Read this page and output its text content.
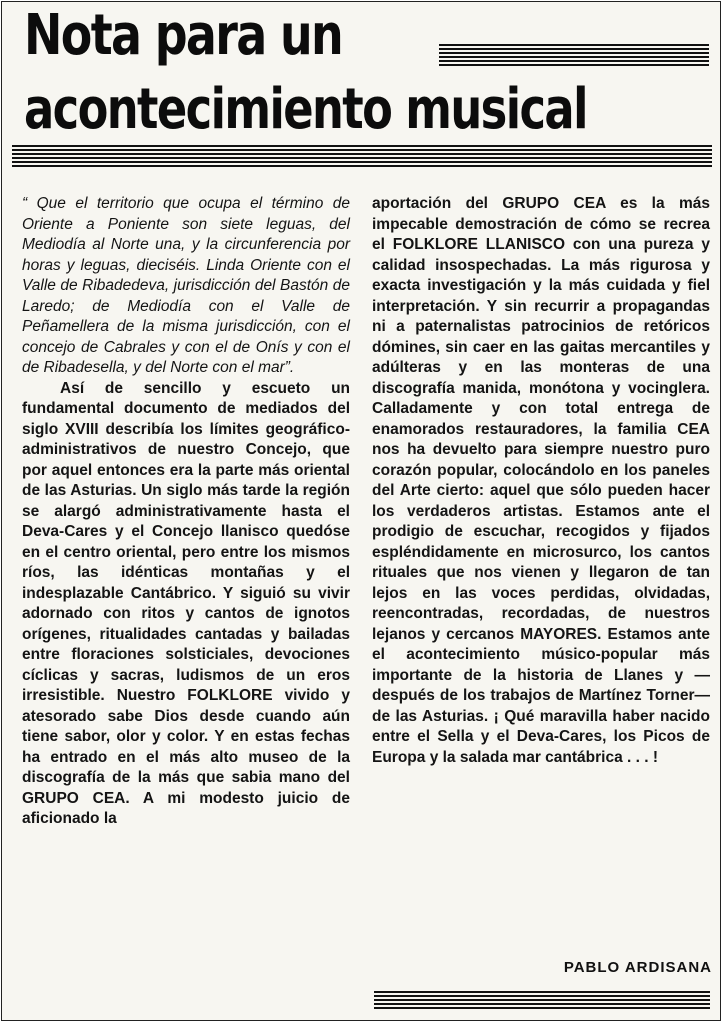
Nota para un
acontecimiento musical

“ Que el territorio que ocupa el término de Oriente a Poniente son siete leguas, del Mediodía al Norte una, y la circunferencia por horas y leguas, dieciséis. Linda Oriente con el Valle de Ribadedeva, jurisdicción del Bastón de Laredo; de Mediodía con el Valle de Peñamellera de la misma jurisdicción, con el concejo de Cabrales y con el de Onís y con el de Ribadesella, y del Norte con el mar”.

Así de sencillo y escueto un fundamental documento de mediados del siglo XVIII describía los límites geográfico-administrativos de nuestro Concejo, que por aquel entonces era la parte más oriental de las Asturias. Un siglo más tarde la región se alargó administrativamente hasta el Deva-Cares y el Concejo llanisco quedóse en el centro oriental, pero entre los mismos ríos, las idénticas montañas y el indesplazable Cantábrico. Y siguió su vivir adornado con ritos y cantos de ignotos orígenes, ritualidades cantadas y bailadas entre floraciones solsticiales, devociones cíclicas y sacras, ludismos de un eros irresistible. Nuestro FOLKLORE vivido y atesorado sabe Dios desde cuando aún tiene sabor, olor y color. Y en estas fechas ha entrado en el más alto museo de la discografía de la más que sabia mano del GRUPO CEA. A mi modesto juicio de aficionado la

aportación del GRUPO CEA es la más impecable demostración de cómo se recrea el FOLKLORE LLANISCO con una pureza y calidad insospechadas. La más rigurosa y exacta investigación y la más cuidada y fiel interpretación. Y sin recurrir a propagandas ni a paternalistas patrocinios de retóricos dómines, sin caer en las gaitas mercantiles y adúlteras y en las monteras de una discografía manida, monótona y vocinglera. Calladamente y con total entrega de enamorados restauradores, la familia CEA nos ha devuelto para siempre nuestro puro corazón popular, colocándolo en los paneles del Arte cierto: aquel que sólo pueden hacer los verdaderos artistas. Estamos ante el prodigio de escuchar, recogidos y fijados espléndidamente en microsurco, los cantos rituales que nos vienen y llegaron de tan lejos en las voces perdidas, olvidadas, reencontradas, recordadas, de nuestros lejanos y cercanos MAYORES. Estamos ante el acontecimiento músico-popular más importante de la historia de Llanes y —después de los trabajos de Martínez Torner— de las Asturias. ¡ Qué maravilla haber nacido entre el Sella y el Deva-Cares, los Picos de Europa y la salada mar cantábrica . . . !

PABLO ARDISANA
